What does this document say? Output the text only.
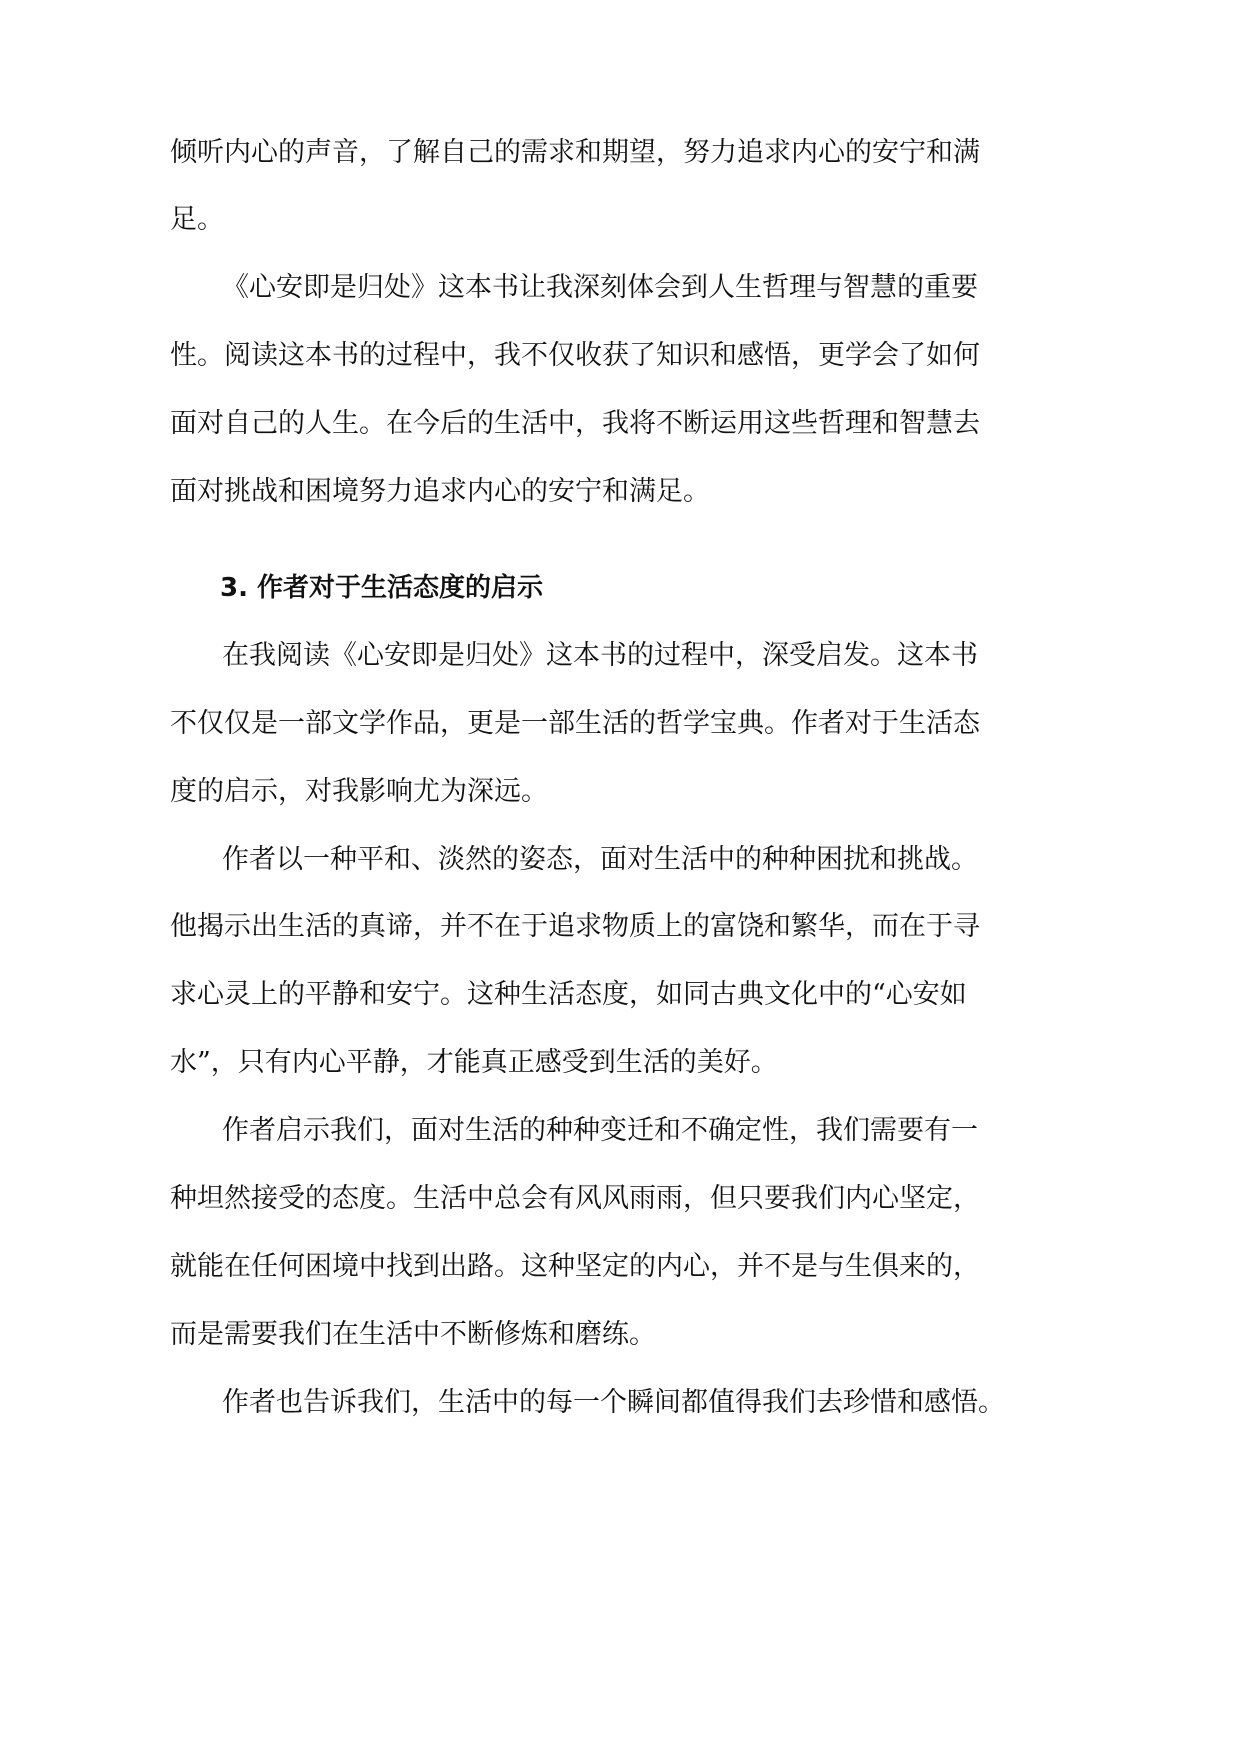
倾听内心的声音，了解自己的需求和期望，努力追求内心的安宁和满

足。

《心安即是归处》这本书让我深刻体会到人生哲理与智慧的重要

性。阅读这本书的过程中，我不仅收获了知识和感悟，更学会了如何

面对自己的人生。在今后的生活中，我将不断运用这些哲理和智慧去

面对挑战和困境努力追求内心的安宁和满足。

3. 作者对于生活态度的启示

在我阅读《心安即是归处》这本书的过程中，深受启发。这本书

不仅仅是一部文学作品，更是一部生活的哲学宝典。作者对于生活态

度的启示，对我影响尤为深远。

作者以一种平和、淡然的姿态，面对生活中的种种困扰和挑战。

他揭示出生活的真谛，并不在于追求物质上的富饶和繁华，而在于寻

求心灵上的平静和安宁。这种生活态度，如同古典文化中的“心安如

水”，只有内心平静，才能真正感受到生活的美好。

作者启示我们，面对生活的种种变迁和不确定性，我们需要有一

种坦然接受的态度。生活中总会有风风雨雨，但只要我们内心坚定，

就能在任何困境中找到出路。这种坚定的内心，并不是与生俱来的，

而是需要我们在生活中不断修炼和磨练。

作者也告诉我们，生活中的每一个瞬间都值得我们去珍惜和感悟。
